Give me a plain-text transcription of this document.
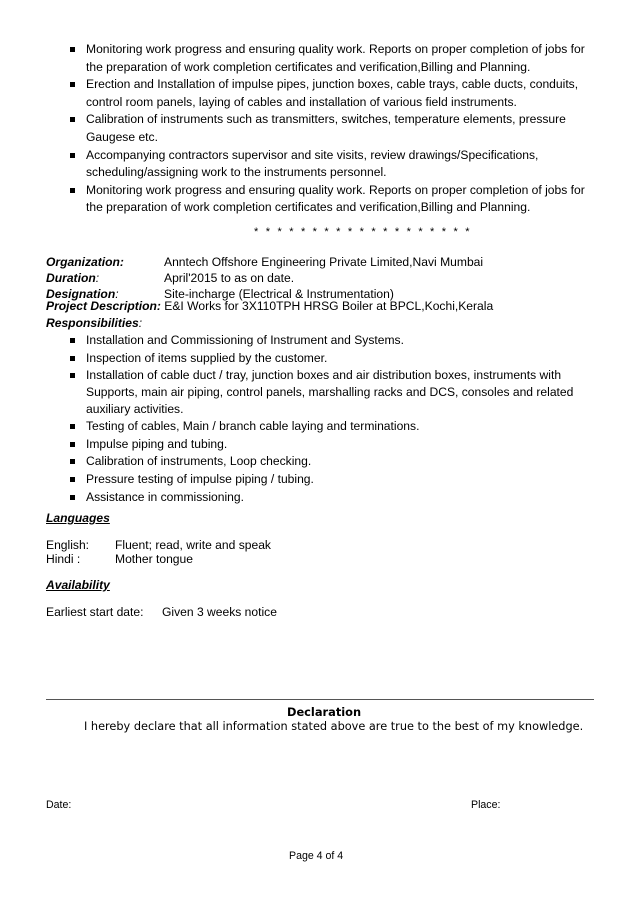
Monitoring work progress and ensuring quality work. Reports on proper completion of jobs for the preparation of work completion certificates and verification,Billing and Planning.
Erection and Installation of impulse pipes, junction boxes, cable trays, cable ducts, conduits, control room panels, laying of cables and installation of various field instruments.
Calibration of instruments such as transmitters, switches, temperature elements, pressure Gaugese etc.
Accompanying contractors supervisor and site visits, review drawings/Specifications, scheduling/assigning work to the instruments personnel.
Monitoring work progress and ensuring quality work. Reports on proper completion of jobs for the preparation of work completion certificates and verification,Billing and Planning.
* * * * * * * * * * * * * * * * * * *
Organization:	Anntech Offshore Engineering Private Limited,Navi Mumbai
Duration:	April'2015 to as on date.
Designation:	Site-incharge (Electrical & Instrumentation)
Project Description: E&I Works for 3X110TPH HRSG Boiler at BPCL,Kochi,Kerala
Responsibilities:
Installation and Commissioning of Instrument and Systems.
Inspection of items supplied by the customer.
Installation of cable duct / tray, junction boxes and air distribution boxes, instruments with Supports, main air piping, control panels, marshalling racks and DCS, consoles and related auxiliary activities.
Testing of cables, Main / branch cable laying and terminations.
Impulse piping and tubing.
Calibration of instruments, Loop checking.
Pressure testing of impulse piping / tubing.
Assistance in commissioning.
Languages
English: Fluent; read, write and speak
Hindi :	Mother tongue
Availability
Earliest start date: Given 3 weeks notice
Declaration
I hereby declare that all information stated above are true to the best of my knowledge.
Date:	Place:
Page 4 of 4
